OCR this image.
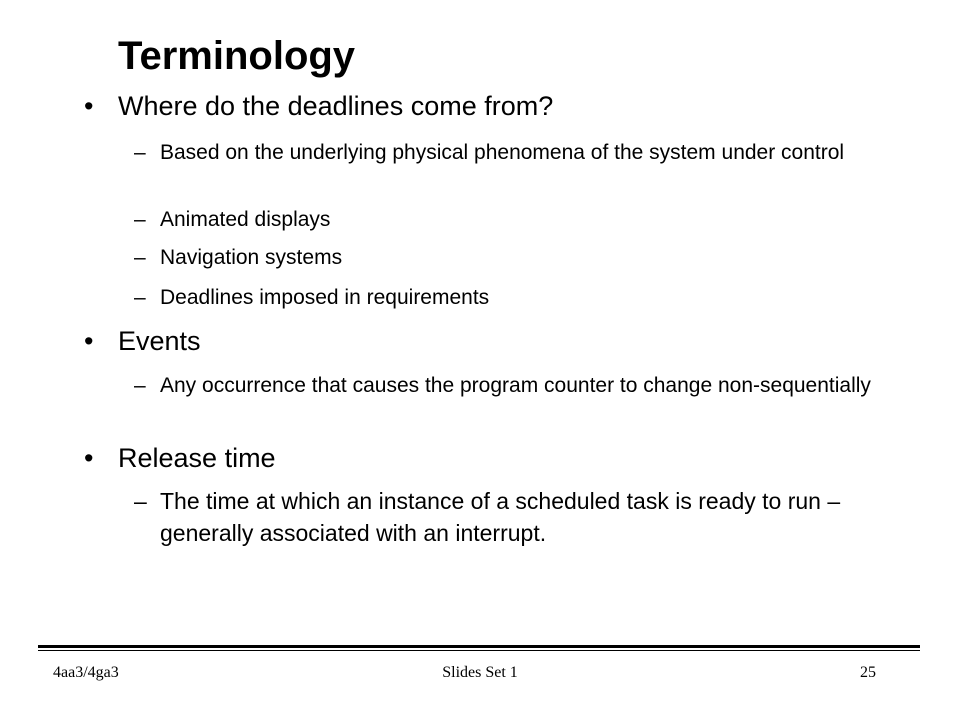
Terminology
• Where do the deadlines come from?
– Based on the underlying physical phenomena of the system under control
– Animated displays
– Navigation systems
– Deadlines imposed in requirements
• Events
– Any occurrence that causes the program counter to change non-sequentially
• Release time
– The time at which an instance of a scheduled task is ready to run – generally associated with an interrupt.
4aa3/4ga3	Slides Set 1	25
